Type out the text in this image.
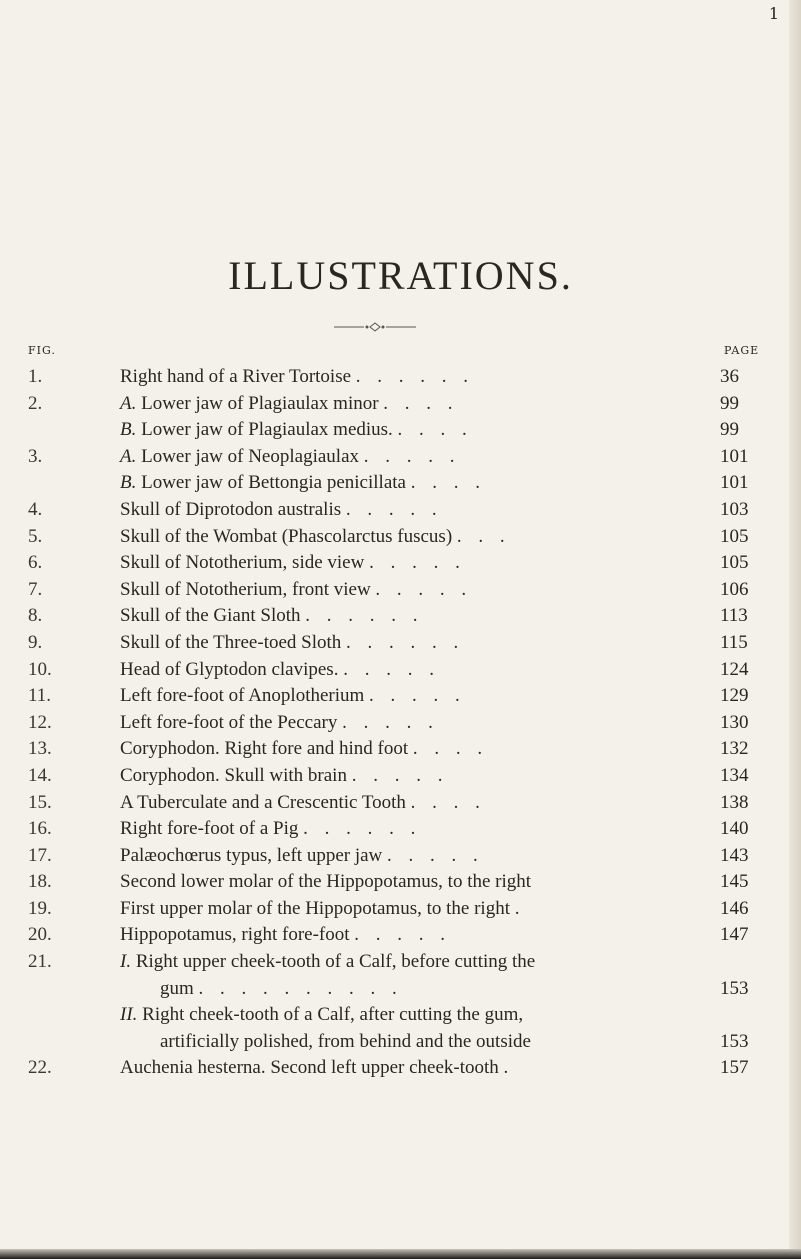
1
ILLUSTRATIONS.
FIG.	PAGE
1.	Right hand of a River Tortoise . . . . . .	36
2.	A. Lower jaw of Plagiaulax minor . . . .	99
B. Lower jaw of Plagiaulax medius. . . . .	99
3.	A. Lower jaw of Neoplagiaulax . . . . .	101
B. Lower jaw of Bettongia penicillata . . . .	101
4.	Skull of Diprotodon australis . . . . .	103
5.	Skull of the Wombat (Phascolarctus fuscus) . . .	105
6.	Skull of Nototherium, side view . . . . .	105
7.	Skull of Nototherium, front view . . . . .	106
8.	Skull of the Giant Sloth . . . . . .	113
9.	Skull of the Three-toed Sloth . . . . . .	115
10.	Head of Glyptodon clavipes. . . . . .	124
11.	Left fore-foot of Anoplotherium . . . . .	129
12.	Left fore-foot of the Peccary . . . . .	130
13.	Coryphodon. Right fore and hind foot . . . .	132
14.	Coryphodon. Skull with brain . . . . .	134
15.	A Tuberculate and a Crescentic Tooth . . . .	138
16.	Right fore-foot of a Pig . . . . . .	140
17.	Palæochœrus typus, left upper jaw . . . . .	143
18.	Second lower molar of the Hippopotamus, to the right	145
19.	First upper molar of the Hippopotamus, to the right .	146
20.	Hippopotamus, right fore-foot . . . . .	147
21.	I. Right upper cheek-tooth of a Calf, before cutting the
gum . . . . . . . . . .	153
II. Right cheek-tooth of a Calf, after cutting the gum,
artificially polished, from behind and the outside	153
22.	Auchenia hesterna. Second left upper cheek-tooth .	157
